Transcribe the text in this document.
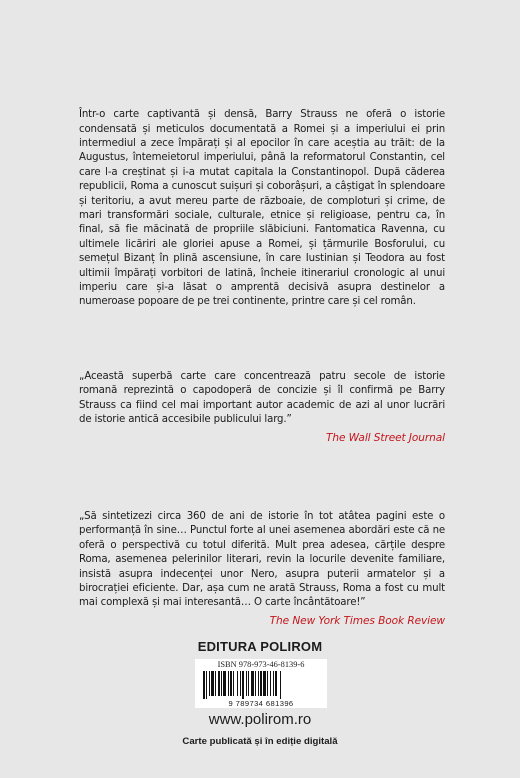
Într-o carte captivantă și densă, Barry Strauss ne oferă o istorie condensată și meticulos documentată a Romei și a imperiului ei prin intermediul a zece împărați și al epocilor în care aceștia au trăit: de la Augustus, întemeietorul imperiului, până la reformatorul Constantin, cel care l-a creștinat și i-a mutat capitala la Constantinopol. După căderea republicii, Roma a cunoscut suișuri și coborâșuri, a câștigat în splendoare și teritoriu, a avut mereu parte de războaie, de comploturi și crime, de mari transformări sociale, culturale, etnice și religioase, pentru ca, în final, să fie măcinată de propriile slăbiciuni. Fantomatica Ravenna, cu ultimele licăriri ale gloriei apuse a Romei, și țărmurile Bosforului, cu semețul Bizanț în plină ascensiune, în care Iustinian și Teodora au fost ultimii împărați vorbitori de latină, încheie itinerariul cronologic al unui imperiu care și-a lăsat o amprentă decisivă asupra destinelor a numeroase popoare de pe trei continente, printre care și cel român.

„Această superbă carte care concentrează patru secole de istorie romană reprezintă o capodoperă de concizie și îl confirmă pe Barry Strauss ca fiind cel mai important autor academic de azi al unor lucrări de istorie antică accesibile publicului larg.”
The Wall Street Journal
„Să sintetizezi circa 360 de ani de istorie în tot atâtea pagini este o performanță în sine… Punctul forte al unei asemenea abordări este că ne oferă o perspectivă cu totul diferită. Mult prea adesea, cărțile despre Roma, asemenea pelerinilor literari, revin la locurile devenite familiare, insistă asupra indecenței unor Nero, asupra puterii armatelor și a birocrației eficiente. Dar, așa cum ne arată Strauss, Roma a fost cu mult mai complexă și mai interesantă… O carte încântătoare!”
The New York Times Book Review
EDITURA POLIROM
ISBN 978-973-46-8139-6
9 789734 681396
www.polirom.ro
Carte publicată și în ediție digitală
